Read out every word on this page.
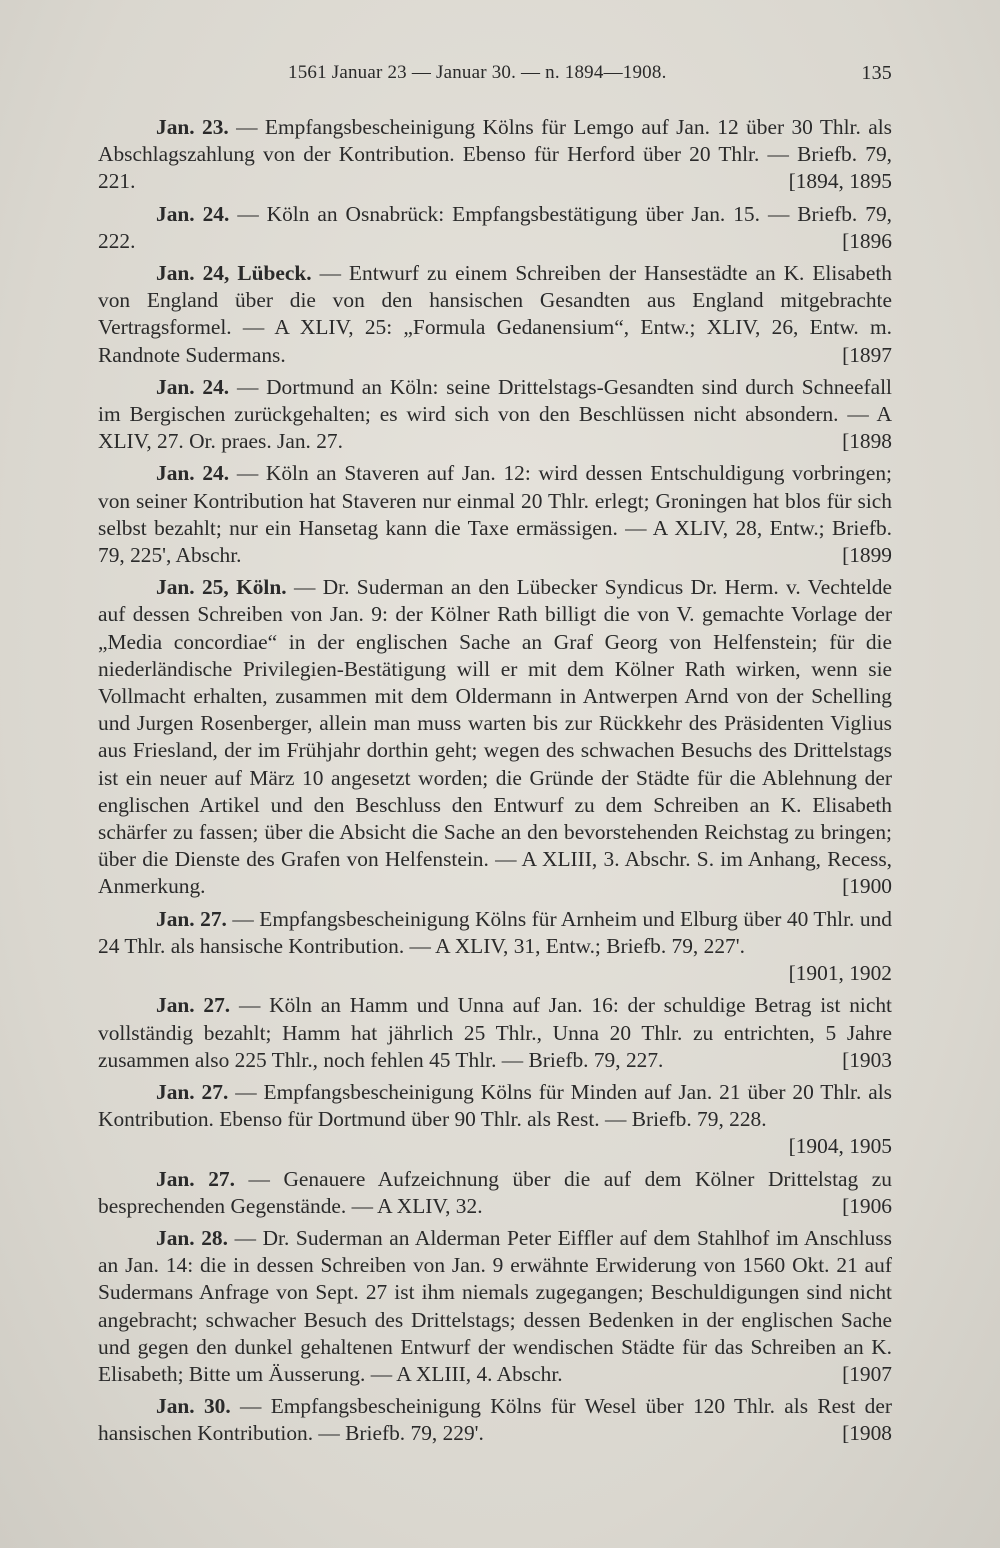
1561 Januar 23 — Januar 30. — n. 1894—1908.	135

Jan. 23. — Empfangsbescheinigung Kölns für Lemgo auf Jan. 12 über 30 Thlr. als Abschlagszahlung von der Kontribution. Ebenso für Herford über 20 Thlr. — Briefb. 79, 221.	[1894, 1895

Jan. 24. — Köln an Osnabrück: Empfangsbestätigung über Jan. 15. — Briefb. 79, 222.	[1896

Jan. 24, Lübeck. — Entwurf zu einem Schreiben der Hansestädte an K. Elisabeth von England über die von den hansischen Gesandten aus England mitgebrachte Vertragsformel. — A XLIV, 25: „Formula Gedanensium“, Entw.; XLIV, 26, Entw. m. Randnote Sudermans.	[1897

Jan. 24. — Dortmund an Köln: seine Drittelstags-Gesandten sind durch Schneefall im Bergischen zurückgehalten; es wird sich von den Beschlüssen nicht absondern. — A XLIV, 27. Or. praes. Jan. 27.	[1898

Jan. 24. — Köln an Staveren auf Jan. 12: wird dessen Entschuldigung vorbringen; von seiner Kontribution hat Staveren nur einmal 20 Thlr. erlegt; Groningen hat blos für sich selbst bezahlt; nur ein Hansetag kann die Taxe ermässigen. — A XLIV, 28, Entw.; Briefb. 79, 225', Abschr.	[1899

Jan. 25, Köln. — Dr. Suderman an den Lübecker Syndicus Dr. Herm. v. Vechtelde auf dessen Schreiben von Jan. 9: der Kölner Rath billigt die von V. gemachte Vorlage der „Media concordiae“ in der englischen Sache an Graf Georg von Helfenstein; für die niederländische Privilegien-Bestätigung will er mit dem Kölner Rath wirken, wenn sie Vollmacht erhalten, zusammen mit dem Oldermann in Antwerpen Arnd von der Schelling und Jurgen Rosenberger, allein man muss warten bis zur Rückkehr des Präsidenten Viglius aus Friesland, der im Frühjahr dorthin geht; wegen des schwachen Besuchs des Drittelstags ist ein neuer auf März 10 angesetzt worden; die Gründe der Städte für die Ablehnung der englischen Artikel und den Beschluss den Entwurf zu dem Schreiben an K. Elisabeth schärfer zu fassen; über die Absicht die Sache an den bevorstehenden Reichstag zu bringen; über die Dienste des Grafen von Helfenstein. — A XLIII, 3. Abschr. S. im Anhang, Recess, Anmerkung.	[1900

Jan. 27. — Empfangsbescheinigung Kölns für Arnheim und Elburg über 40 Thlr. und 24 Thlr. als hansische Kontribution. — A XLIV, 31, Entw.; Briefb. 79, 227'.
[1901, 1902

Jan. 27. — Köln an Hamm und Unna auf Jan. 16: der schuldige Betrag ist nicht vollständig bezahlt; Hamm hat jährlich 25 Thlr., Unna 20 Thlr. zu entrichten, 5 Jahre zusammen also 225 Thlr., noch fehlen 45 Thlr. — Briefb. 79, 227.	[1903

Jan. 27. — Empfangsbescheinigung Kölns für Minden auf Jan. 21 über 20 Thlr. als Kontribution. Ebenso für Dortmund über 90 Thlr. als Rest. — Briefb. 79, 228.
[1904, 1905

Jan. 27. — Genauere Aufzeichnung über die auf dem Kölner Drittelstag zu besprechenden Gegenstände. — A XLIV, 32.	[1906

Jan. 28. — Dr. Suderman an Alderman Peter Eiffler auf dem Stahlhof im Anschluss an Jan. 14: die in dessen Schreiben von Jan. 9 erwähnte Erwiderung von 1560 Okt. 21 auf Sudermans Anfrage von Sept. 27 ist ihm niemals zugegangen; Beschuldigungen sind nicht angebracht; schwacher Besuch des Drittelstags; dessen Bedenken in der englischen Sache und gegen den dunkel gehaltenen Entwurf der wendischen Städte für das Schreiben an K. Elisabeth; Bitte um Äusserung. — A XLIII, 4. Abschr.	[1907

Jan. 30. — Empfangsbescheinigung Kölns für Wesel über 120 Thlr. als Rest der hansischen Kontribution. — Briefb. 79, 229'.	[1908
